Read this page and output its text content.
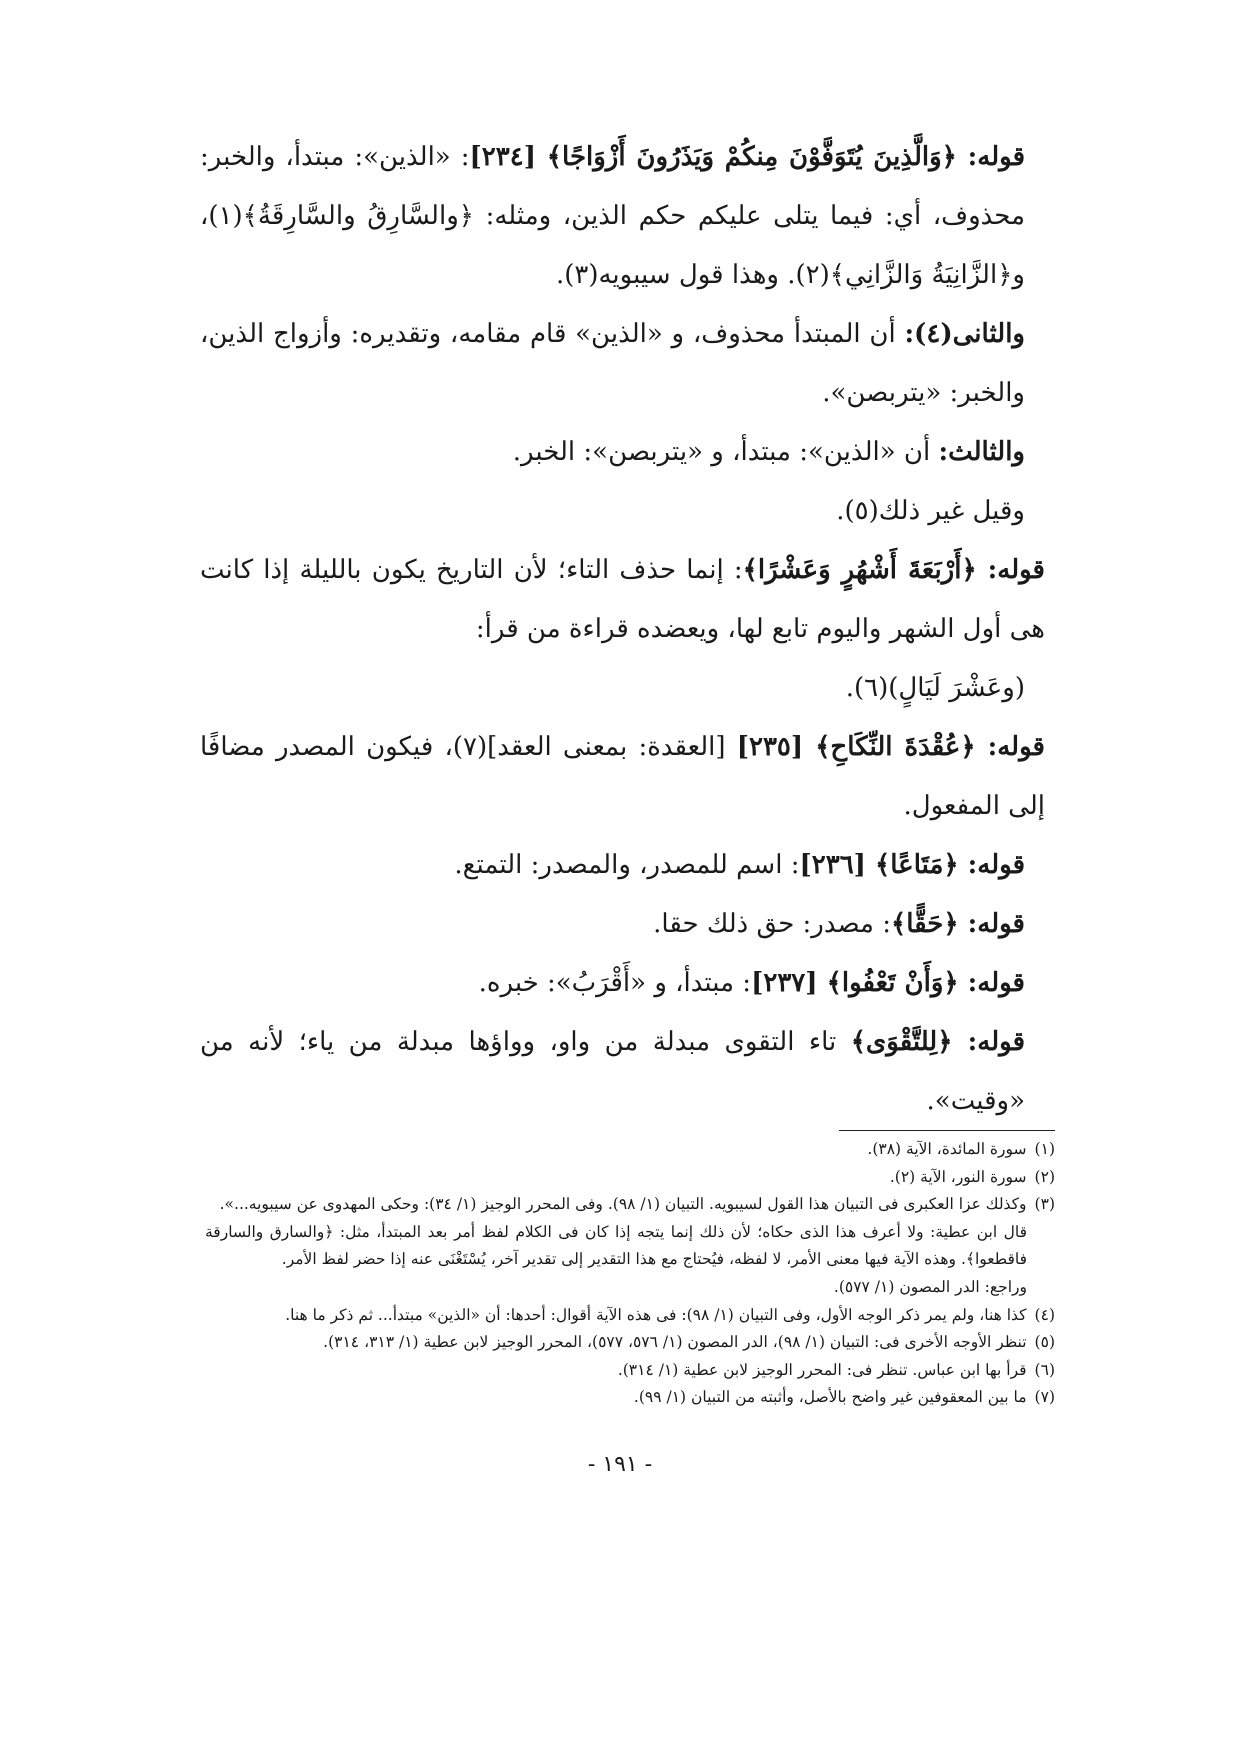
قوله: ﴿وَالَّذِينَ يُتَوَفَّوْنَ مِنكُمْ وَيَذَرُونَ أَزْوَاجًا﴾ [٢٣٤]: «الذين»: مبتدأ، والخبر: محذوف، أي: فيما يتلى عليكم حكم الذين، ومثله: ﴿والسَّارِقُ والسَّارِقَةُ﴾(١)، و﴿الزَّانِيَةُ وَالزَّانِي﴾(٢). وهذا قول سيبويه(٣).

والثانى(٤): أن المبتدأ محذوف، و «الذين» قام مقامه، وتقديره: وأزواج الذين، والخبر: «يتربصن».

والثالث: أن «الذين»: مبتدأ، و «يتربصن»: الخبر.

وقيل غير ذلك(٥).

قوله: ﴿أَرْبَعَةَ أَشْهُرٍ وَعَشْرًا﴾: إنما حذف التاء؛ لأن التاريخ يكون بالليلة إذا كانت هى أول الشهر واليوم تابع لها، ويعضده قراءة من قرأ:

(وعَشْرَ لَيَالٍ)(٦).

قوله: ﴿عُقْدَةَ النِّكَاحِ﴾ [٢٣٥] [العقدة: بمعنى العقد](٧)، فيكون المصدر مضافًا إلى المفعول.

قوله: ﴿مَتَاعًا﴾ [٢٣٦]: اسم للمصدر، والمصدر: التمتع.

قوله: ﴿حَقًّا﴾: مصدر: حق ذلك حقا.

قوله: ﴿وَأَنْ تَعْفُوا﴾ [٢٣٧]: مبتدأ، و «أَقْرَبُ»: خبره.

قوله: ﴿لِلتَّقْوَى﴾ تاء التقوى مبدلة من واو، وواؤها مبدلة من ياء؛ لأنه من «وقيت».

(١)سورة المائدة، الآية (٣٨).

(٢)سورة النور، الآية (٢).

(٣)وكذلك عزا العكبرى فى التبيان هذا القول لسيبويه. التبيان (١/ ٩٨). وفى المحرر الوجيز (١/ ٣٤): وحكى المهدوى عن سيبويه...».

قال ابن عطية: ولا أعرف هذا الذى حكاه؛ لأن ذلك إنما يتجه إذا كان فى الكلام لفظ أمر بعد المبتدأ، مثل: ﴿والسارق والسارقة فاقطعوا﴾. وهذه الآية فيها معنى الأمر، لا لفظه، فيُحتاج مع هذا التقدير إلى تقدير آخر، يُسْتَغْنَى عنه إذا حضر لفظ الأمر.

وراجع: الدر المصون (١/ ٥٧٧).

(٤)كذا هنا، ولم يمر ذكر الوجه الأول، وفى التبيان (١/ ٩٨): فى هذه الآية أقوال: أحدها: أن «الذين» مبتدأ... ثم ذكر ما هنا.

(٥)تنظر الأوجه الأخرى فى: التبيان (١/ ٩٨)، الدر المصون (١/ ٥٧٦، ٥٧٧)، المحرر الوجيز لابن عطية (١/ ٣١٣، ٣١٤).

(٦)قرأ بها ابن عباس. تنظر فى: المحرر الوجيز لابن عطية (١/ ٣١٤).

(٧)ما بين المعقوفين غير واضح بالأصل، وأثبته من التبيان (١/ ٩٩).

- ١٩١ -
